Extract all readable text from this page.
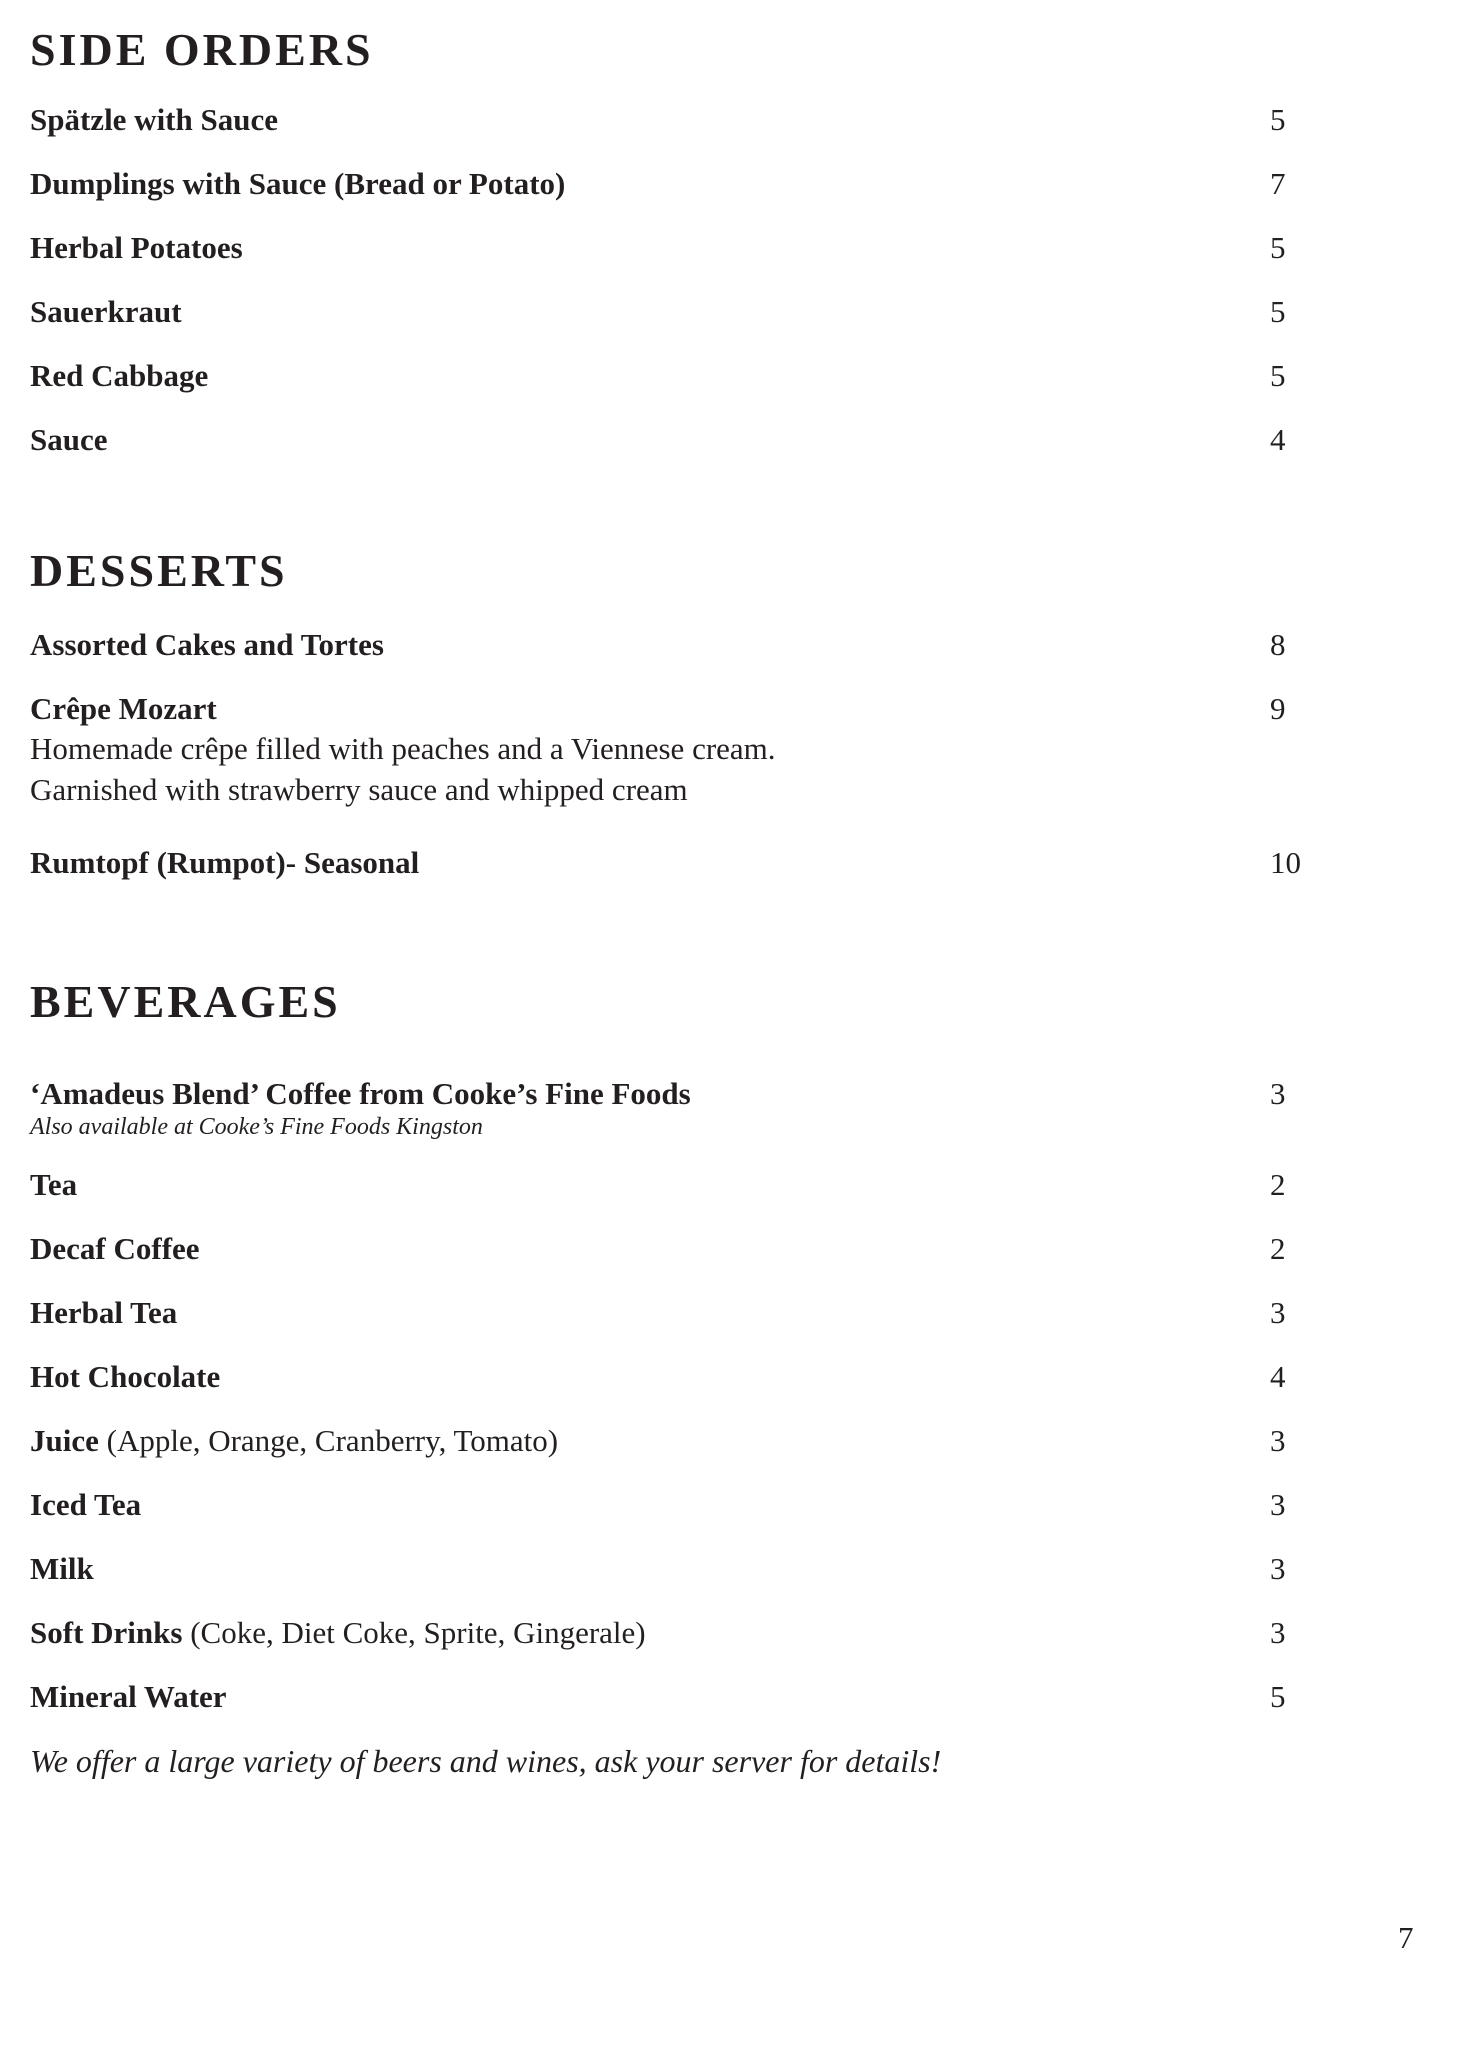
SIDE ORDERS
Spätzle with Sauce	5
Dumplings with Sauce (Bread or Potato)	7
Herbal Potatoes	5
Sauerkraut	5
Red Cabbage	5
Sauce	4
DESSERTS
Assorted Cakes and Tortes	8
Crêpe Mozart	9
Homemade crêpe filled with peaches and a Viennese cream.
Garnished with strawberry sauce and whipped cream
Rumtopf (Rumpot)- Seasonal	10
BEVERAGES
‘Amadeus Blend’ Coffee from Cooke’s Fine Foods	3
Also available at Cooke’s Fine Foods Kingston
Tea	2
Decaf Coffee	2
Herbal Tea	3
Hot Chocolate	4
Juice (Apple, Orange, Cranberry, Tomato)	3
Iced Tea	3
Milk	3
Soft Drinks (Coke, Diet Coke, Sprite, Gingerale)	3
Mineral Water	5
We offer a large variety of beers and wines, ask your server for details!
7
